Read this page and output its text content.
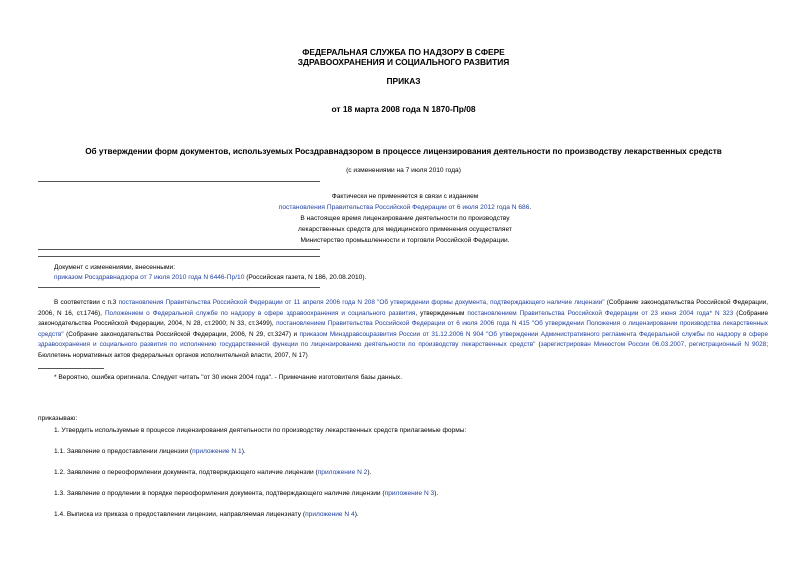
ФЕДЕРАЛЬНАЯ СЛУЖБА ПО НАДЗОРУ В СФЕРЕ
ЗДРАВООХРАНЕНИЯ И СОЦИАЛЬНОГО РАЗВИТИЯ
ПРИКАЗ
от 18 марта 2008 года N 1870-Пр/08
Об утверждении форм документов, используемых Росздравнадзором в процессе лицензирования деятельности по производству лекарственных средств
(с изменениями на 7 июля 2010 года)
Фактически не применяется в связи с изданием
постановления Правительства Российской Федерации от 6 июля 2012 года N 686.
В настоящее время лицензирование деятельности по производству
лекарственных средств для медицинского применения осуществляет
Министерство промышленности и торговли Российской Федерации.
Документ с изменениями, внесенными:
приказом Росздравнадзора от 7 июля 2010 года N 6446-Пр/10 (Российская газета, N 186, 20.08.2010).
В соответствии с п.3 постановления Правительства Российской Федерации от 11 апреля 2006 года N 208 "Об утверждении формы документа, подтверждающего наличие лицензии" (Собрание законодательства Российской Федерации, 2006, N 16, ст.1746), Положением о Федеральной службе по надзору в сфере здравоохранения и социального развития, утвержденным постановлением Правительства Российской Федерации от 23 июня 2004 года* N 323 (Собрание законодательства Российской Федерации, 2004, N 28, ст.2900; N 33, ст.3499), постановлением Правительства Российской Федерации от 6 июля 2006 года N 415 "Об утверждении Положения о лицензировании производства лекарственных средств" (Собрание законодательства Российской Федерации, 2006, N 29, ст.3247) и приказом Минздравсоцразвития России от 31.12.2006 N 904 "Об утверждении Административного регламента Федеральной службы по надзору в сфере здравоохранения и социального развития по исполнению государственной функции по лицензированию деятельности по производству лекарственных средств" (зарегистрирован Минюстом России 06.03.2007, регистрационный N 9028; Бюллетень нормативных актов федеральных органов исполнительной власти, 2007, N 17)
* Вероятно, ошибка оригинала. Следует читать "от 30 июня 2004 года". - Примечание изготовителя базы данных.
приказываю:
1. Утвердить используемые в процессе лицензирования деятельности по производству лекарственных средств прилагаемые формы:
1.1. Заявление о предоставлении лицензии (приложение N 1).
1.2. Заявление о переоформлении документа, подтверждающего наличие лицензии (приложение N 2).
1.3. Заявление о продлении в порядке переоформления документа, подтверждающего наличие лицензии (приложение N 3).
1.4. Выписка из приказа о предоставлении лицензии, направляемая лицензиату (приложение N 4).
